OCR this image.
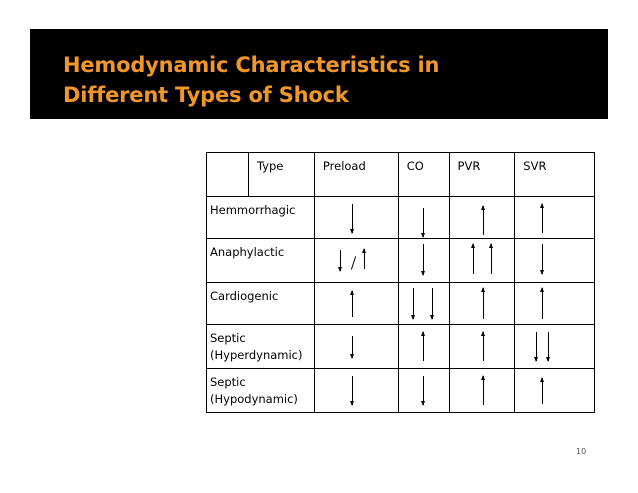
Hemodynamic Characteristics in
Different Types of Shock
	Type	Preload	CO	PVR	SVR
Hemmorrhagic		

Anaphylactic		

Cardiogenic		

Septic
(Hyperdynamic)		

Septic
(Hypodynamic)		

10
